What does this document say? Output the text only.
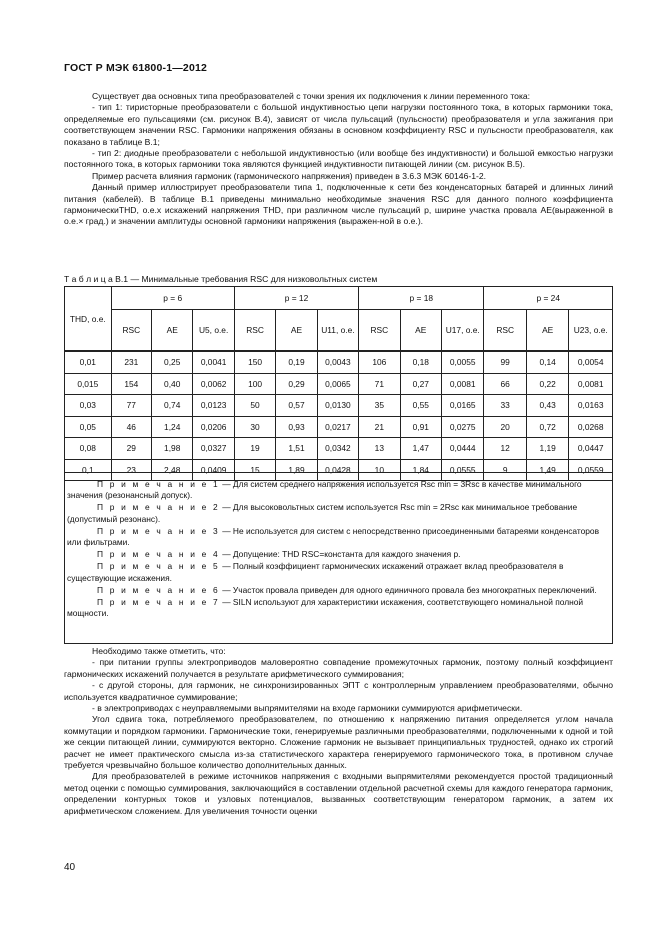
ГОСТ Р МЭК 61800-1—2012

Существует два основных типа преобразователей с точки зрения их подключения к линии переменного тока:

- тип 1: тиристорные преобразователи с большой индуктивностью цепи нагрузки постоянного тока, в которых гармоники тока, определяемые его пульсациями (см. рисунок В.4), зависят от числа пульсаций (пульсности) преобразователя и угла зажигания при соответствующем значении RSC. Гармоники напряжения обязаны в основном коэффициенту RSC и пульсности преобразователя, как показано в таблице В.1;

- тип 2: диодные преобразователи с небольшой индуктивностью (или вообще без индуктивности) и большой емкостью нагрузки постоянного тока, в которых гармоники тока являются функцией индуктивности питающей линии (см. рисунок В.5).

Пример расчета влияния гармоник (гармонического напряжения) приведен в 3.6.3 МЭК 60146-1-2.

Данный пример иллюстрирует преобразователи типа 1, подключенные к сети без конденсаторных батарей и длинных линий питания (кабелей). В таблице В.1 приведены минимально необходимые значения RSC для данного полного коэффициента гармоническиTHD, о.е.х искажений напряжения THD, при различном числе пульсаций p, ширине участка провала AE(выраженной в о.е.× град.) и значении амплитуды основной гармоники напряжения (выражен-ной в о.е.).

Т а б л и ц а В.1 — Минимальные требования RSC для низковольтных систем
THD, о.е.	p = 6			p = 12			p = 18			p = 24		
	RSC	AE	U5, о.е.	RSC	AE	U11, о.е.	RSC	AE	U17, о.е.	RSC	AE	U23, о.е.
0,01	231	0,25	0,0041	150	0,19	0,0043	106	0,18	0,0055	99	0,14	0,0054
0,015	154	0,40	0,0062	100	0,29	0,0065	71	0,27	0,0081	66	0,22	0,0081
0,03	77	0,74	0,0123	50	0,57	0,0130	35	0,55	0,0165	33	0,43	0,0163
0,05	46	1,24	0,0206	30	0,93	0,0217	21	0,91	0,0275	20	0,72	0,0268
0,08	29	1,98	0,0327	19	1,51	0,0342	13	1,47	0,0444	12	1,19	0,0447
0,1	23	2,48	0,0409	15	1,89	0,0428	10	1,84	0,0555	9	1,49	0,0559

П р и м е ч а н и е 1 — Для систем среднего напряжения используется Rsc min = 3Rsc в качестве минимального значения (резонансный допуск).

П р и м е ч а н и е 2 — Для высоковольтных систем используется Rsc min = 2Rsc как минимальное требование (допустимый резонанс).

П р и м е ч а н и е 3 — Не используется для систем с непосредственно присоединенными батареями конденсаторов или фильтрами.

П р и м е ч а н и е 4 — Допущение: THD RSC=константа для каждого значения p.

П р и м е ч а н и е 5 — Полный коэффициент гармонических искажений отражает вклад преобразователя в существующие искажения.

П р и м е ч а н и е 6 — Участок провала приведен для одного единичного провала без многократных переключений.

П р и м е ч а н и е 7 — SILN используют для характеристики искажения, соответствующего номинальной полной мощности.

Необходимо также отметить, что:

- при питании группы электроприводов маловероятно совпадение промежуточных гармоник, поэтому полный коэффициент гармонических искажений получается в результате арифметического суммирования;

- с другой стороны, для гармоник, не синхронизированных ЭПТ с контроллерным управлением преобразователями, обычно используется квадратичное суммирование;

- в электроприводах с неуправляемыми выпрямителями на входе гармоники суммируются арифметически.

Угол сдвига тока, потребляемого преобразователем, по отношению к напряжению питания определяется углом начала коммутации и порядком гармоники. Гармонические токи, генерируемые различными преобразователями, подключенными к одной и той же секции питающей линии, суммируются векторно. Сложение гармоник не вызывает принципиальных трудностей, однако их строгий расчет не имеет практического смысла из-за статистического характера генерируемого гармонического тока, в противном случае требуется чрезвычайно большое количество дополнительных данных.

Для преобразователей в режиме источников напряжения с входными выпрямителями рекомендуется простой традиционный метод оценки с помощью суммирования, заключающийся в составлении отдельной расчетной схемы для каждого генератора гармоник, определении контурных токов и узловых потенциалов, вызванных соответствующим генератором гармоник, а затем их арифметическом сложением. Для увеличения точности оценки

40
